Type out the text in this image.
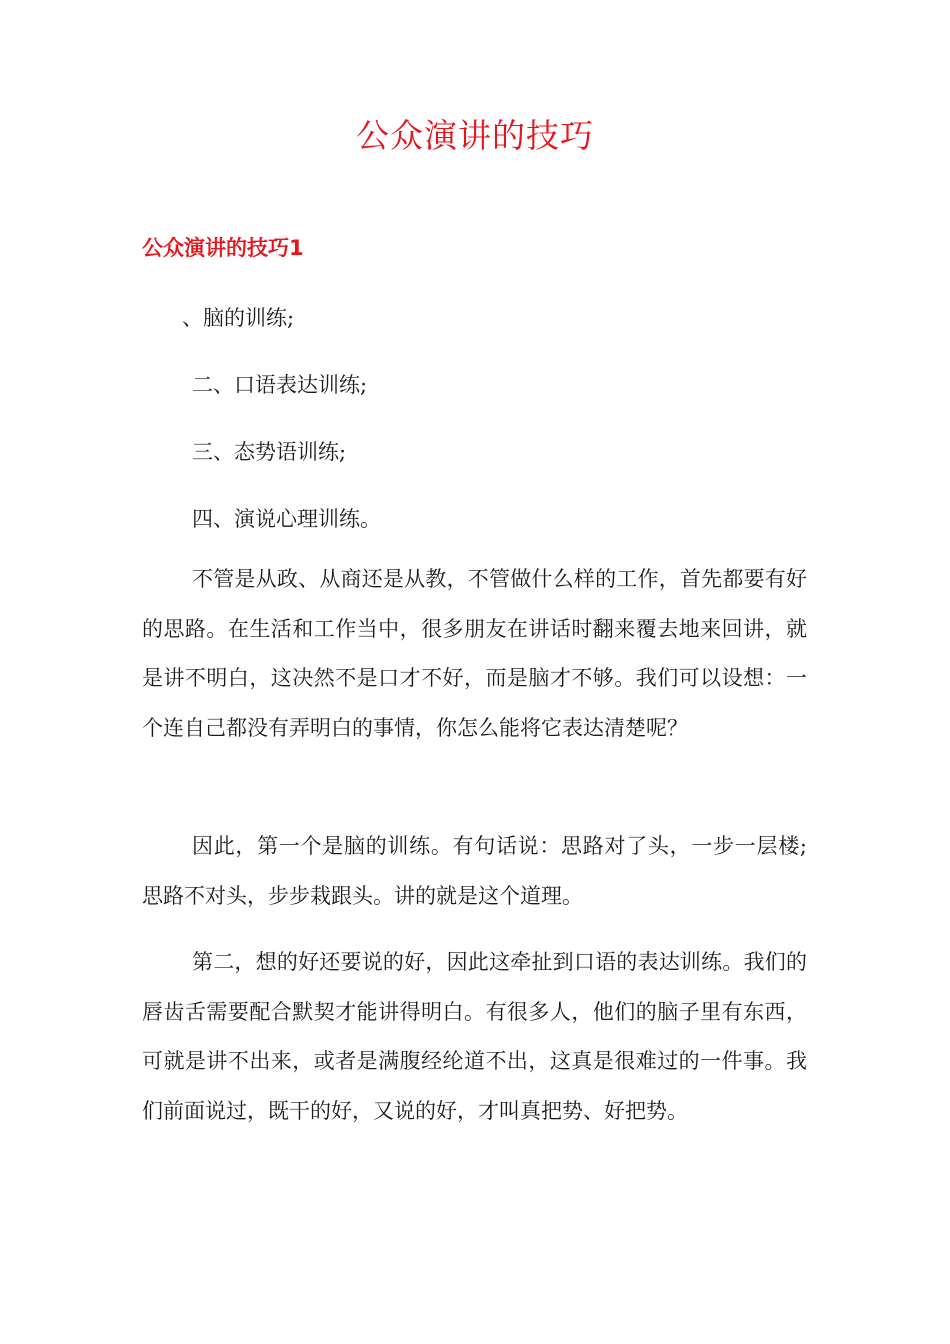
公众演讲的技巧
公众演讲的技巧1

、脑的训练;

二、口语表达训练;

三、态势语训练;

四、演说心理训练。

不管是从政、从商还是从教，不管做什么样的工作，首先都要有好的思路。在生活和工作当中，很多朋友在讲话时翻来覆去地来回讲，就是讲不明白，这决然不是口才不好，而是脑才不够。我们可以设想：一个连自己都没有弄明白的事情，你怎么能将它表达清楚呢？

因此，第一个是脑的训练。有句话说：思路对了头，一步一层楼;思路不对头，步步栽跟头。讲的就是这个道理。

第二，想的好还要说的好，因此这牵扯到口语的表达训练。我们的唇齿舌需要配合默契才能讲得明白。有很多人，他们的脑子里有东西，可就是讲不出来，或者是满腹经纶道不出，这真是很难过的一件事。我们前面说过，既干的好，又说的好，才叫真把势、好把势。
